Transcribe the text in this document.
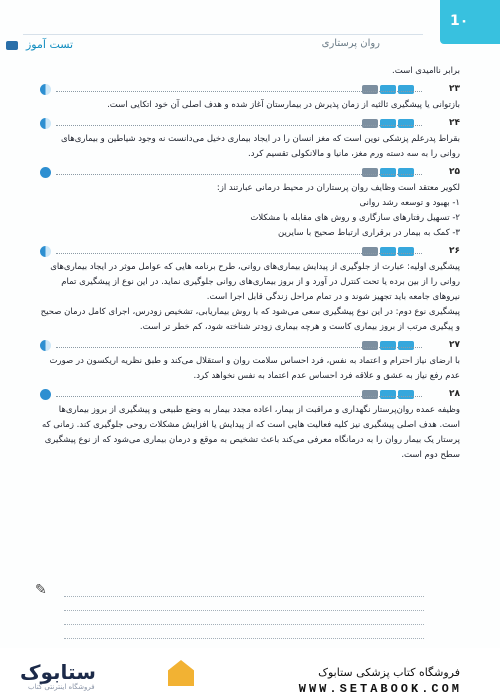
تست آموز	روان پرستاری
1۰
برابر ناامیدی است.
۲۳
بازتوانی یا پیشگیری ثالثیه از زمان پذیرش در بیمارستان آغاز شده و هدف اصلی آن خود اتکایی است.
۲۴
بقراط پدرعلم پزشکی نوین است که مغز انسان را در ایجاد بیماری دخیل می‌دانست نه وجود شیاطین و بیماری‌های روانی را به سه دسته ورم مغز، مانیا و مالانکولی تقسیم کرد.
۲۵
لکویر معتقد است وظایف روان پرستاران در محیط درمانی عبارتند از:
۱- بهبود و توسعه رشد روانی
۲- تسهیل رفتارهای سازگاری و روش های مقابله با مشکلات
۳- کمک به بیمار در برقراری ارتباط صحیح با سایرین
۲۶
پیشگیری اولیه: عبارت از جلوگیری از پیدایش بیماری‌های روانی، طرح برنامه هایی که عوامل موثر در ایجاد بیماری‌های روانی را از بین برده یا تحت کنترل در آورد و از بروز بیماری‌های روانی جلوگیری نماید. در این نوع از پیشگیری تمام نیروهای جامعه باید تجهیز شوند و در تمام مراحل زندگی قابل اجرا است.
پیشگیری نوع دوم: در این نوع پیشگیری سعی می‌شود که با روش بیماریابی، تشخیص زودرس، اجرای کامل درمان صحیح و پیگیری مرتب از بروز بیماری کاست و هرچه بیماری زودتر شناخته شود، کم خطر تر است.
۲۷
با ارضای نیاز احترام و اعتماد به نفس، فرد احساس سلامت روان و استقلال می‌کند و طبق نظریه اریکسون در صورت عدم رفع نیاز به عشق و علاقه فرد احساس عدم اعتماد به نفس نخواهد کرد.
۲۸
وظیفه عمده روان‌پرستار نگهداری و مراقبت از بیمار، اعاده مجدد بیمار به وضع طبیعی و پیشگیری از بروز بیماری‌ها است. هدف اصلی پیشگیری نیز کلیه فعالیت هایی است که از پیدایش یا افزایش مشکلات روحی جلوگیری کند. زمانی که پرستار یک بیمار روان را به درمانگاه معرفی می‌کند باعث تشخیص به موقع و درمان بیماری می‌شود که از نوع پیشگیری سطح دوم است.
✎
ستابوک
فروشگاه اینترنتی کتاب
فروشگاه کتاب پزشکی ستابوک
WWW.SETABOOK.COM
